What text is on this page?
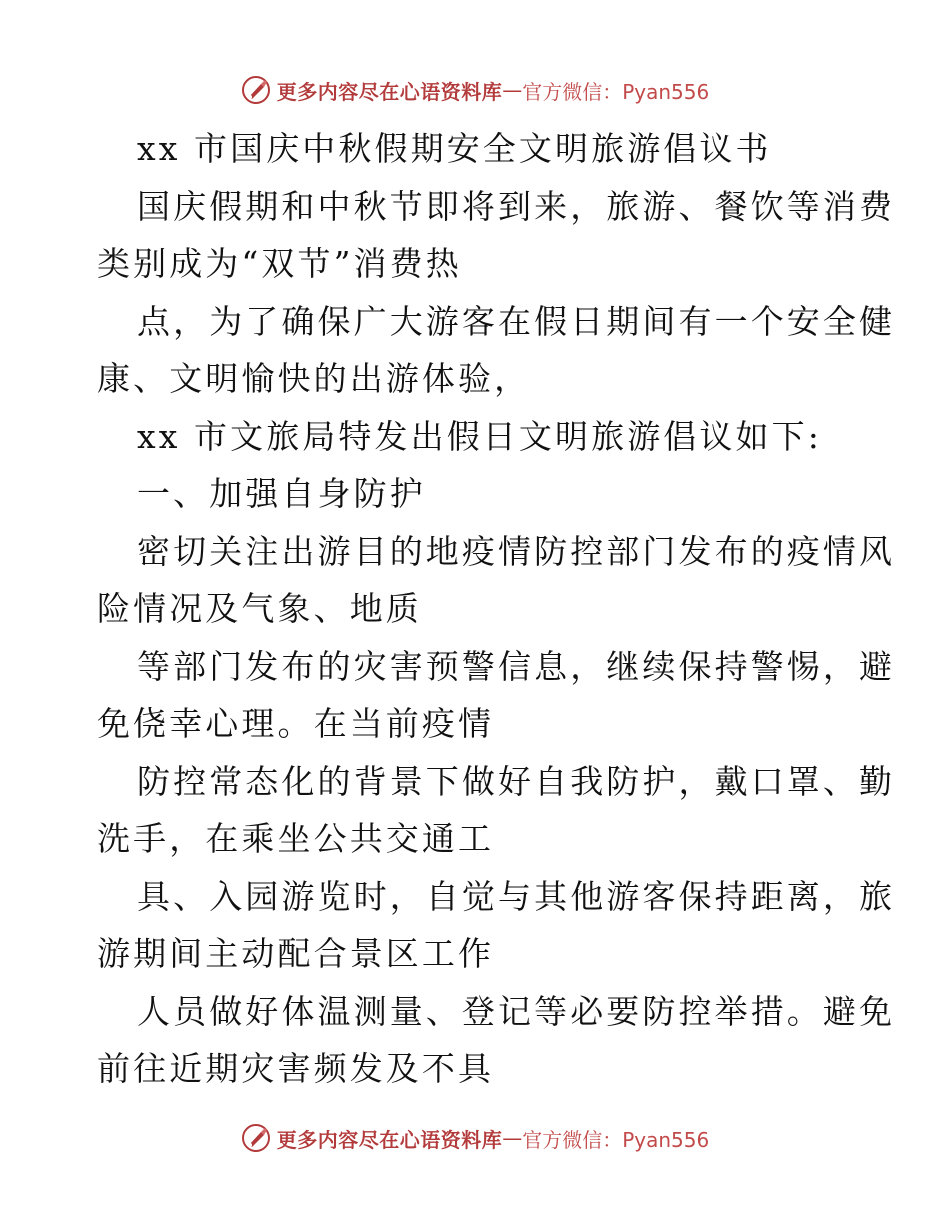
更多内容尽在心语资料库 — 官方微信：Pyan556
xx 市国庆中秋假期安全文明旅游倡议书
国庆假期和中秋节即将到来，旅游、餐饮等消费
类别成为“双节”消费热
点，为了确保广大游客在假日期间有一个安全健
康、文明愉快的出游体验，
xx 市文旅局特发出假日文明旅游倡议如下:
一、加强自身防护
密切关注出游目的地疫情防控部门发布的疫情风
险情况及气象、地质
等部门发布的灾害预警信息，继续保持警惕，避
免侥幸心理。在当前疫情
防控常态化的背景下做好自我防护，戴口罩、勤
洗手，在乘坐公共交通工
具、入园游览时，自觉与其他游客保持距离，旅
游期间主动配合景区工作
人员做好体温测量、登记等必要防控举措。避免
前往近期灾害频发及不具
更多内容尽在心语资料库 — 官方微信：Pyan556
